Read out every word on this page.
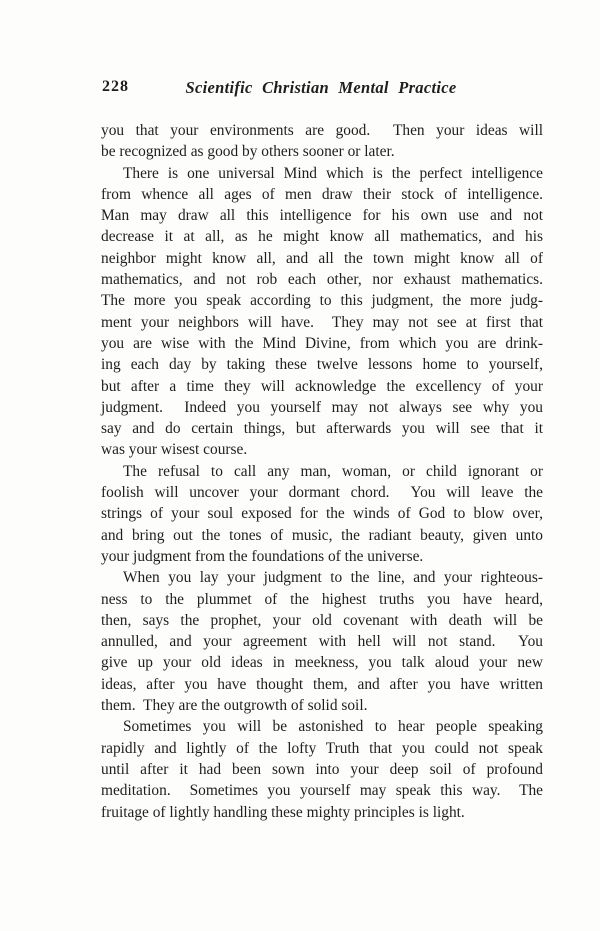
228	Scientific Christian Mental Practice
you that your environments are good.  Then your ideas will
be recognized as good by others sooner or later.
There is one universal Mind which is the perfect intelligence
from whence all ages of men draw their stock of intelligence.
Man may draw all this intelligence for his own use and not
decrease it at all, as he might know all mathematics, and his
neighbor might know all, and all the town might know all of
mathematics, and not rob each other, nor exhaust mathematics.
The more you speak according to this judgment, the more judg-
ment your neighbors will have.  They may not see at first that
you are wise with the Mind Divine, from which you are drink-
ing each day by taking these twelve lessons home to yourself,
but after a time they will acknowledge the excellency of your
judgment.  Indeed you yourself may not always see why you
say and do certain things, but afterwards you will see that it
was your wisest course.
The refusal to call any man, woman, or child ignorant or
foolish will uncover your dormant chord.  You will leave the
strings of your soul exposed for the winds of God to blow over,
and bring out the tones of music, the radiant beauty, given unto
your judgment from the foundations of the universe.
When you lay your judgment to the line, and your righteous-
ness to the plummet of the highest truths you have heard,
then, says the prophet, your old covenant with death will be
annulled, and your agreement with hell will not stand.  You
give up your old ideas in meekness, you talk aloud your new
ideas, after you have thought them, and after you have written
them.  They are the outgrowth of solid soil.
Sometimes you will be astonished to hear people speaking
rapidly and lightly of the lofty Truth that you could not speak
until after it had been sown into your deep soil of profound
meditation.  Sometimes you yourself may speak this way.  The
fruitage of lightly handling these mighty principles is light.
